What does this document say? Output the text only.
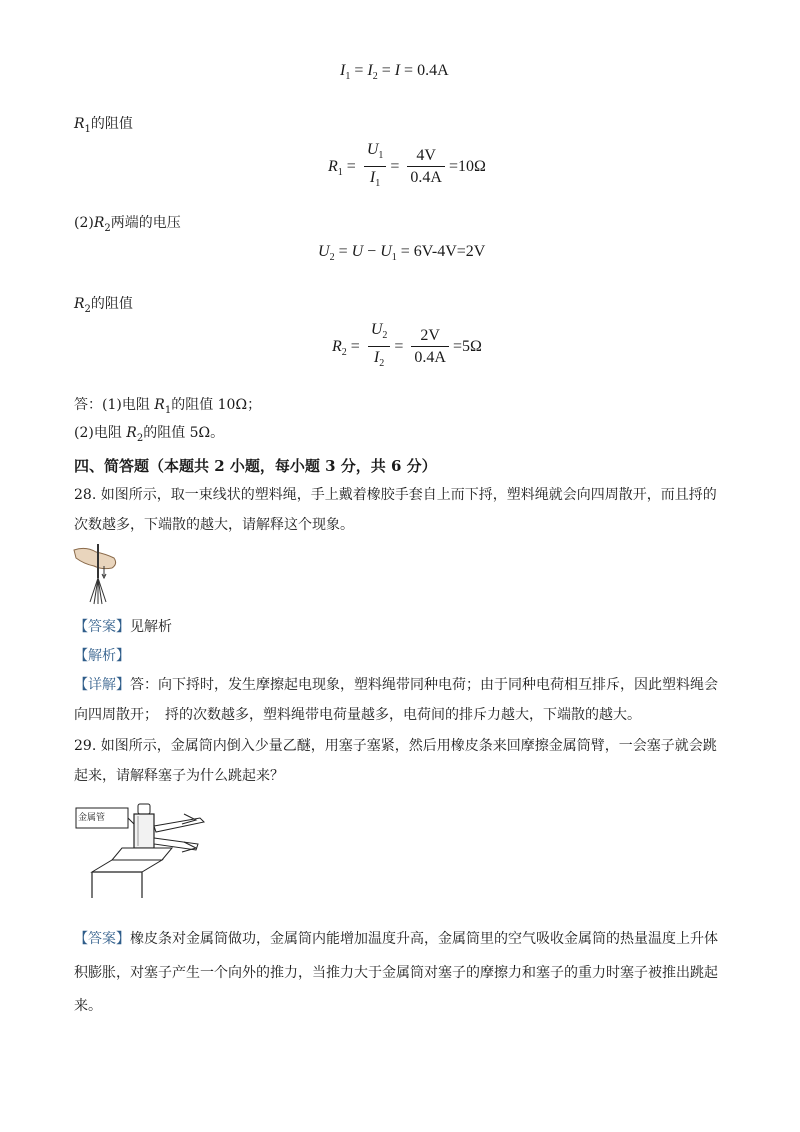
$I_1 = I_2 = I = 0.4A$
$R_1$的阻值
$R_1 = \frac{U_1}{I_1} = \frac{4V}{0.4A} =10\Omega$
$(2)R_2$两端的电压
$U_2 = U - U_1 = 6V-4V=2V$
$R_2$的阻值
$R_2 = \frac{U_2}{I_2} = \frac{2V}{0.4A} =5\Omega$
答：(1)电阻 $R_1$的阻值 10Ω；
(2)电阻 $R_2$的阻值 5Ω。
四、简答题（本题共 2 小题，每小题 3 分，共 6 分）
28. 如图所示，取一束线状的塑料绳，手上戴着橡胶手套自上而下捋，塑料绳就会向四周散开，而且捋的
次数越多，下端散的越大，请解释这个现象。
【答案】见解析
【解析】
【详解】答：向下捋时，发生摩擦起电现象，塑料绳带同种电荷；由于同种电荷相互排斥，因此塑料绳会
向四周散开；　捋的次数越多，塑料绳带电荷量越多，电荷间的排斥力越大，下端散的越大。
29. 如图所示，金属筒内倒入少量乙醚，用塞子塞紧，然后用橡皮条来回摩擦金属筒臂，一会塞子就会跳
起来，请解释塞子为什么跳起来？
金属管
【答案】橡皮条对金属筒做功，金属筒内能增加温度升高，金属筒里的空气吸收金属筒的热量温度上升体
积膨胀，对塞子产生一个向外的推力，当推力大于金属筒对塞子的摩擦力和塞子的重力时塞子被推出跳起
来。
